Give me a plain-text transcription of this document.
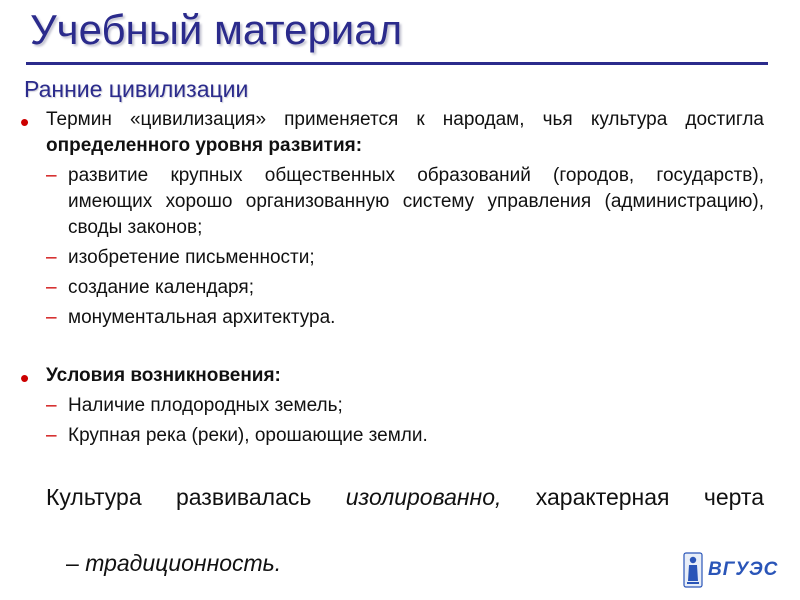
Учебный материал
Ранние цивилизации
• Термин «цивилизация» применяется к народам, чья культура достигла определенного уровня развития:
– развитие крупных общественных образований (городов, государств), имеющих хорошо организованную систему управления (администрацию), своды законов;
– изобретение письменности;
– создание календаря;
– монументальная архитектура.
• Условия возникновения:
– Наличие плодородных земель;
– Крупная река (реки), орошающие земли.
Культура развивалась изолированно, характерная черта
– традиционность.	ВГУЭС
